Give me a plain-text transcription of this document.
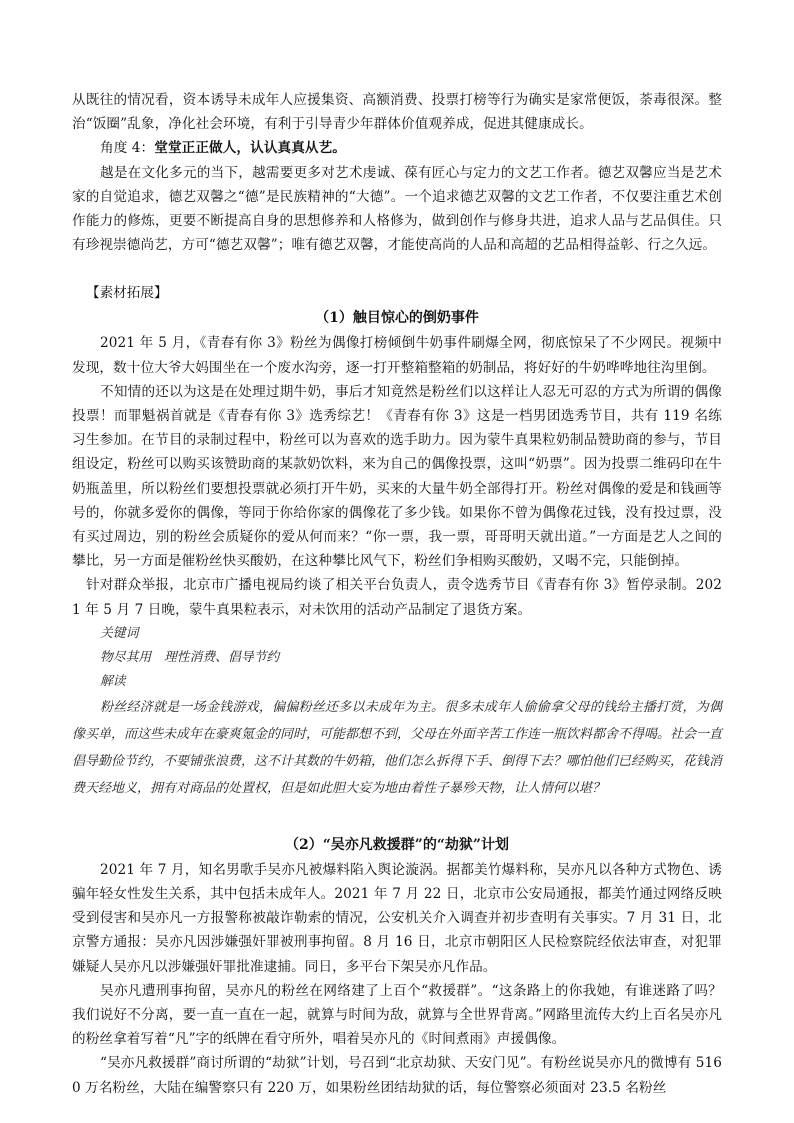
从既往的情况看，资本诱导未成年人应援集资、高额消费、投票打榜等行为确实是家常便饭，荼毒很深。整治“饭圈”乱象，净化社会环境，有利于引导青少年群体价值观养成，促进其健康成长。

角度 4：堂堂正正做人，认认真真从艺。

越是在文化多元的当下，越需要更多对艺术虔诚、葆有匠心与定力的文艺工作者。德艺双馨应当是艺术家的自觉追求，德艺双馨之“德”是民族精神的“大德”。一个追求德艺双馨的文艺工作者，不仅要注重艺术创作能力的修炼，更要不断提高自身的思想修养和人格修为，做到创作与修身共进，追求人品与艺品俱佳。只有珍视崇德尚艺，方可“德艺双馨”；唯有德艺双馨，才能使高尚的人品和高超的艺品相得益彰、行之久远。

【素材拓展】

（1）触目惊心的倒奶事件

2021 年 5 月，《青春有你 3》粉丝为偶像打榜倾倒牛奶事件刷爆全网，彻底惊呆了不少网民。视频中发现，数十位大爷大妈围坐在一个废水沟旁，逐一打开整箱整箱的奶制品，将好好的牛奶哗哗地往沟里倒。

不知情的还以为这是在处理过期牛奶，事后才知竟然是粉丝们以这样让人忍无可忍的方式为所谓的偶像投票！而罪魁祸首就是《青春有你 3》选秀综艺！《青春有你 3》这是一档男团选秀节目，共有 119 名练习生参加。在节目的录制过程中，粉丝可以为喜欢的选手助力。因为蒙牛真果粒奶制品赞助商的参与，节目组设定，粉丝可以购买该赞助商的某款奶饮料，来为自己的偶像投票，这叫“奶票”。因为投票二维码印在牛奶瓶盖里，所以粉丝们要想投票就必须打开牛奶，买来的大量牛奶全部得打开。粉丝对偶像的爱是和钱画等号的，你就多爱你的偶像，等同于你给你家的偶像花了多少钱。如果你不曾为偶像花过钱，没有投过票，没有买过周边，别的粉丝会质疑你的爱从何而来？“你一票，我一票，哥哥明天就出道。”一方面是艺人之间的攀比，另一方面是催粉丝快买酸奶，在这种攀比风气下，粉丝们争相购买酸奶，又喝不完，只能倒掉。

针对群众举报，北京市广播电视局约谈了相关平台负责人，责令选秀节目《青春有你 3》暂停录制。2021 年 5 月 7 日晚，蒙牛真果粒表示，对未饮用的活动产品制定了退货方案。

关键词

物尽其用　理性消费、倡导节约

解读

粉丝经济就是一场金钱游戏，偏偏粉丝还多以未成年为主。很多未成年人偷偷拿父母的钱给主播打赏，为偶像买单，而这些未成年在豪爽氪金的同时，可能都想不到，父母在外面辛苦工作连一瓶饮料都舍不得喝。社会一直倡导勤俭节约，不要铺张浪费，这不计其数的牛奶箱，他们怎么拆得下手、倒得下去？哪怕他们已经购买，花钱消费天经地义，拥有对商品的处置权，但是如此胆大妄为地由着性子暴殄天物，让人情何以堪？

（2）“吴亦凡救援群”的“劫狱”计划

2021 年 7 月，知名男歌手吴亦凡被爆料陷入舆论漩涡。据都美竹爆料称，吴亦凡以各种方式物色、诱骗年轻女性发生关系，其中包括未成年人。2021 年 7 月 22 日，北京市公安局通报，都美竹通过网络反映受到侵害和吴亦凡一方报警称被敲诈勒索的情况，公安机关介入调查并初步查明有关事实。7 月 31 日，北京警方通报：吴亦凡因涉嫌强奸罪被刑事拘留。8 月 16 日，北京市朝阳区人民检察院经依法审查，对犯罪嫌疑人吴亦凡以涉嫌强奸罪批准逮捕。同日，多平台下架吴亦凡作品。

吴亦凡遭刑事拘留，吴亦凡的粉丝在网络建了上百个“救援群”。“这条路上的你我她，有谁迷路了吗？我们说好不分离，要一直一直在一起，就算与时间为敌，就算与全世界背离。”网路里流传大约上百名吴亦凡的粉丝拿着写着“凡”字的纸牌在看守所外，唱着吴亦凡的《时间煮雨》声援偶像。

“吴亦凡救援群”商讨所谓的“劫狱”计划，号召到“北京劫狱、天安门见”。有粉丝说吴亦凡的微博有 5160 万名粉丝，大陆在编警察只有 220 万，如果粉丝团结劫狱的话，每位警察必须面对 23.5 名粉丝
